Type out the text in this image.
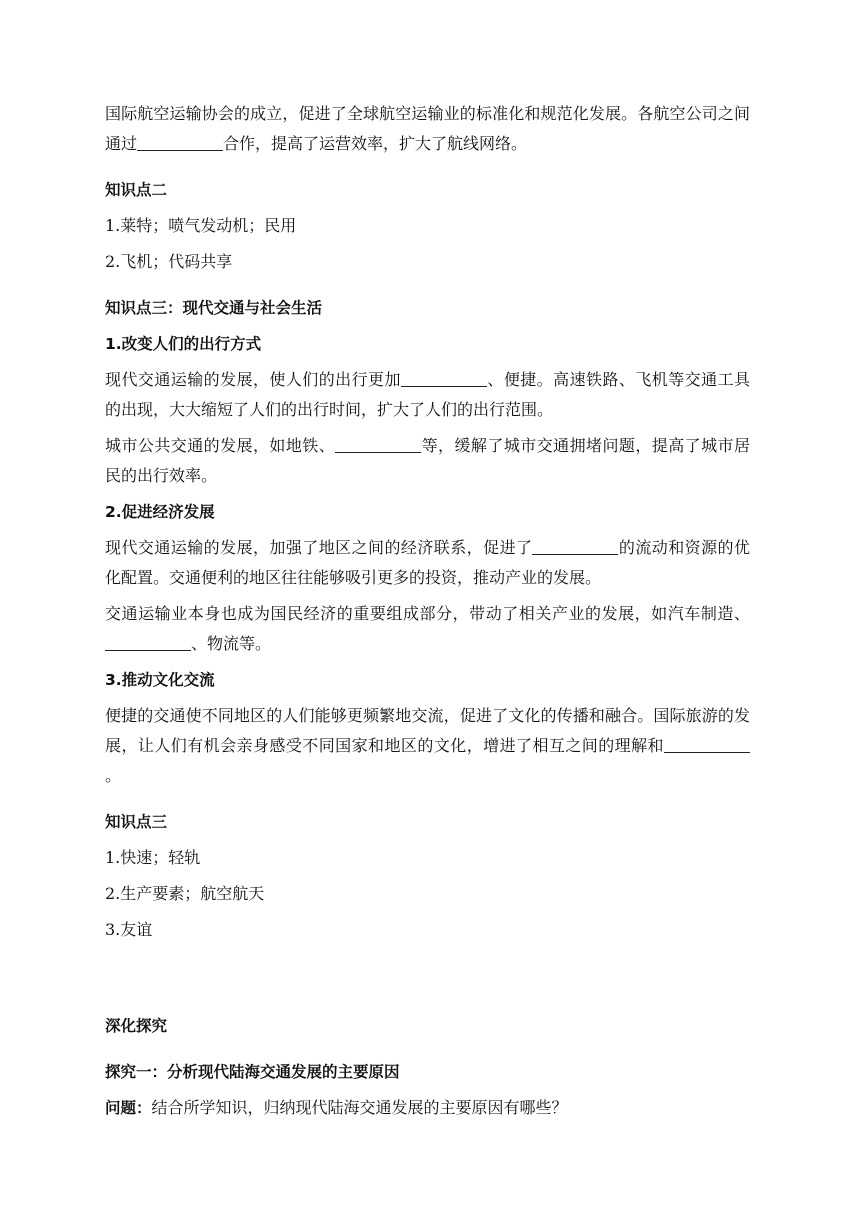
国际航空运输协会的成立，促进了全球航空运输业的标准化和规范化发展。各航空公司之间通过	合作，提高了运营效率，扩大了航线网络。

知识点二

1.莱特；喷气发动机；民用

2.飞机；代码共享

知识点三：现代交通与社会生活

1.改变人们的出行方式

现代交通运输的发展，使人们的出行更加	、便捷。高速铁路、飞机等交通工具的出现，大大缩短了人们的出行时间，扩大了人们的出行范围。

城市公共交通的发展，如地铁、	等，缓解了城市交通拥堵问题，提高了城市居民的出行效率。

2.促进经济发展

现代交通运输的发展，加强了地区之间的经济联系，促进了	的流动和资源的优化配置。交通便利的地区往往能够吸引更多的投资，推动产业的发展。

交通运输业本身也成为国民经济的重要组成部分，带动了相关产业的发展，如汽车制造、、物流等。

3.推动文化交流

便捷的交通使不同地区的人们能够更频繁地交流，促进了文化的传播和融合。国际旅游的发展，让人们有机会亲身感受不同国家和地区的文化，增进了相互之间的理解和。

知识点三

1.快速；轻轨

2.生产要素；航空航天

3.友谊

深化探究

探究一：分析现代陆海交通发展的主要原因

问题：结合所学知识，归纳现代陆海交通发展的主要原因有哪些？
